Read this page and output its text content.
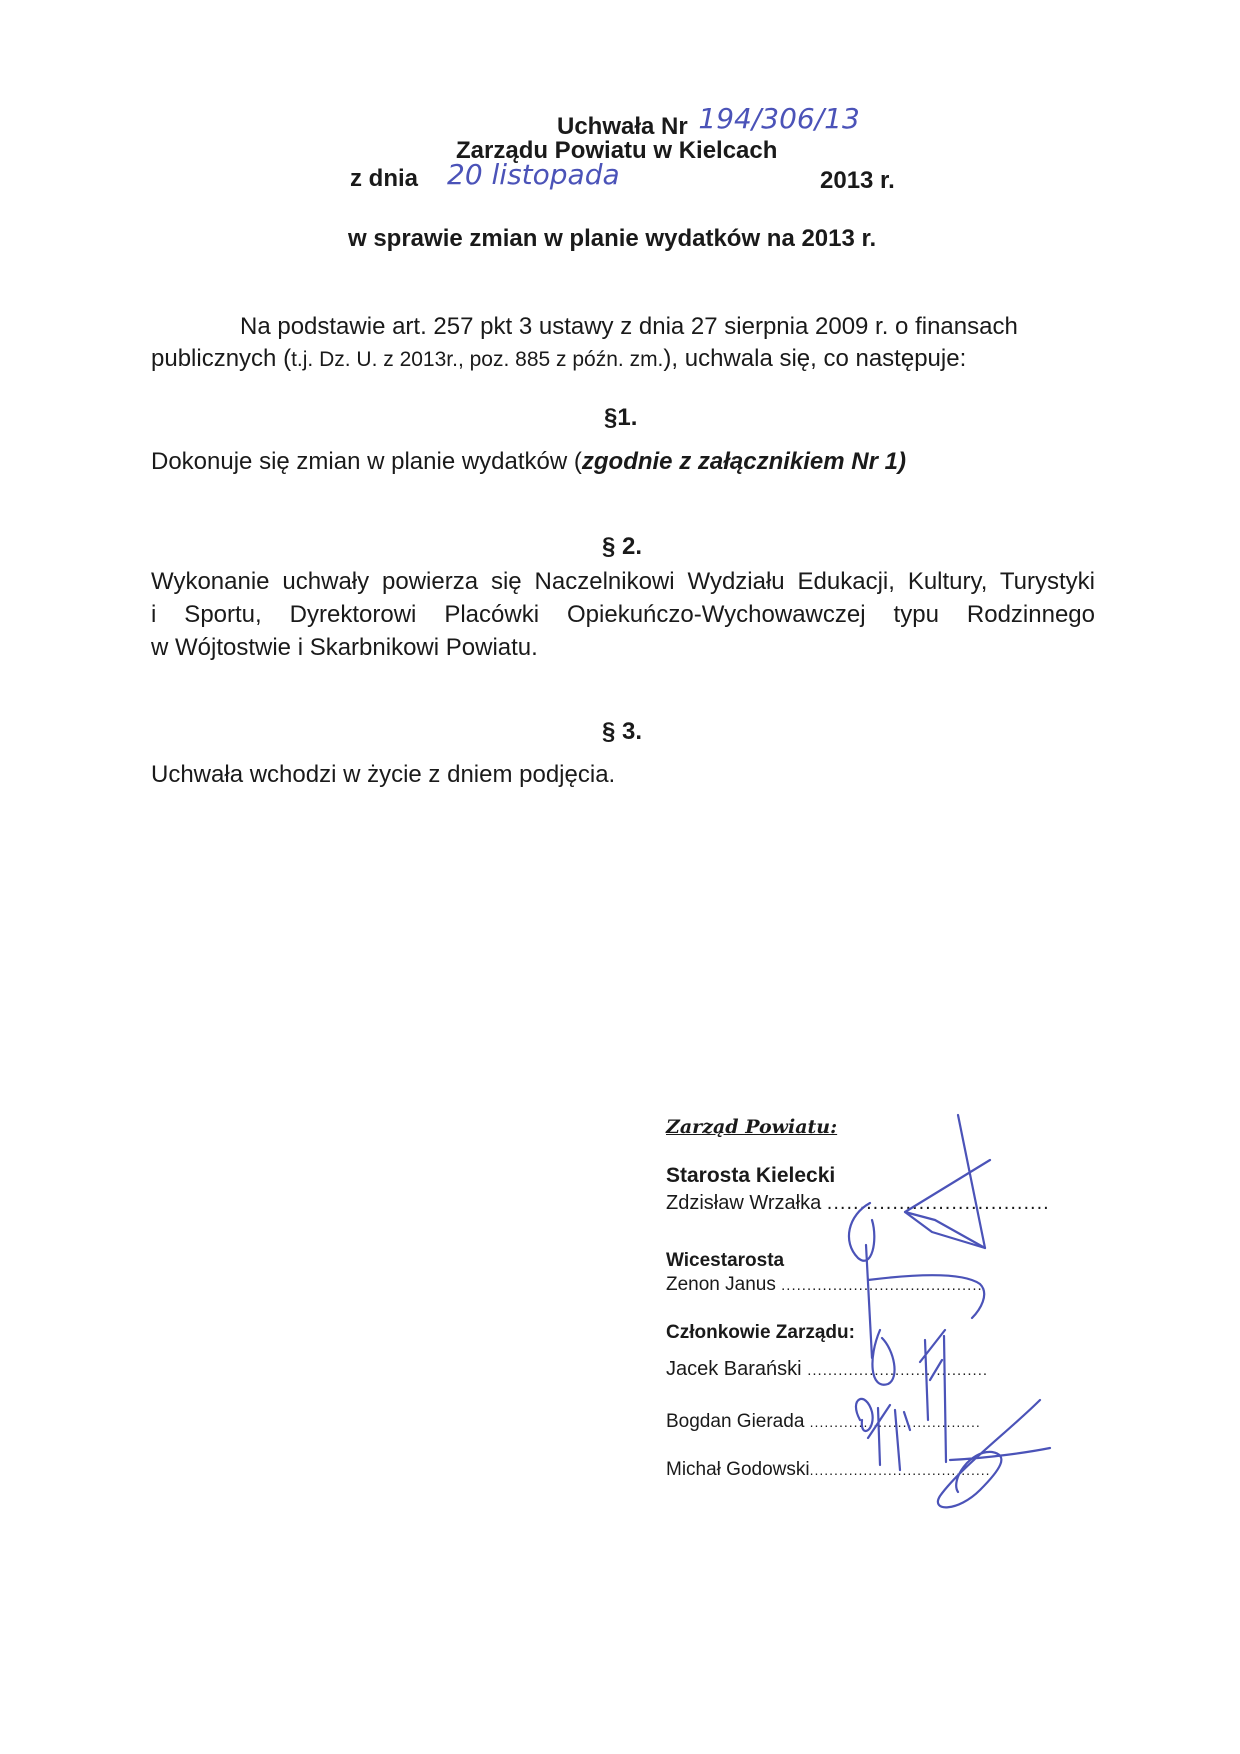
Uchwała Nr 194/306/13
Zarządu Powiatu w Kielcach
z dnia 20 listopada	2013 r.
w sprawie zmian w planie wydatków na 2013 r.
Na podstawie art. 257 pkt 3 ustawy z dnia 27 sierpnia 2009 r. o finansach
publicznych (t.j. Dz. U. z 2013r., poz. 885 z późn. zm.), uchwala się, co następuje:
§1.
Dokonuje się zmian w planie wydatków (zgodnie z załącznikiem Nr 1)
§ 2.
Wykonanie uchwały powierza się Naczelnikowi Wydziału Edukacji, Kultury, Turystyki
i Sportu, Dyrektorowi Placówki Opiekuńczo-Wychowawczej typu Rodzinnego
w Wójtostwie i Skarbnikowi Powiatu.
§ 3.
Uchwała wchodzi w życie z dniem podjęcia.
Zarząd Powiatu:
Starosta Kielecki
Zdzisław Wrzałka ..................................
Wicestarosta
Zenon Janus .......................................
Członkowie Zarządu:
Jacek Barański ...................................
Bogdan Gierada ...................................
Michał Godowski.....................................
